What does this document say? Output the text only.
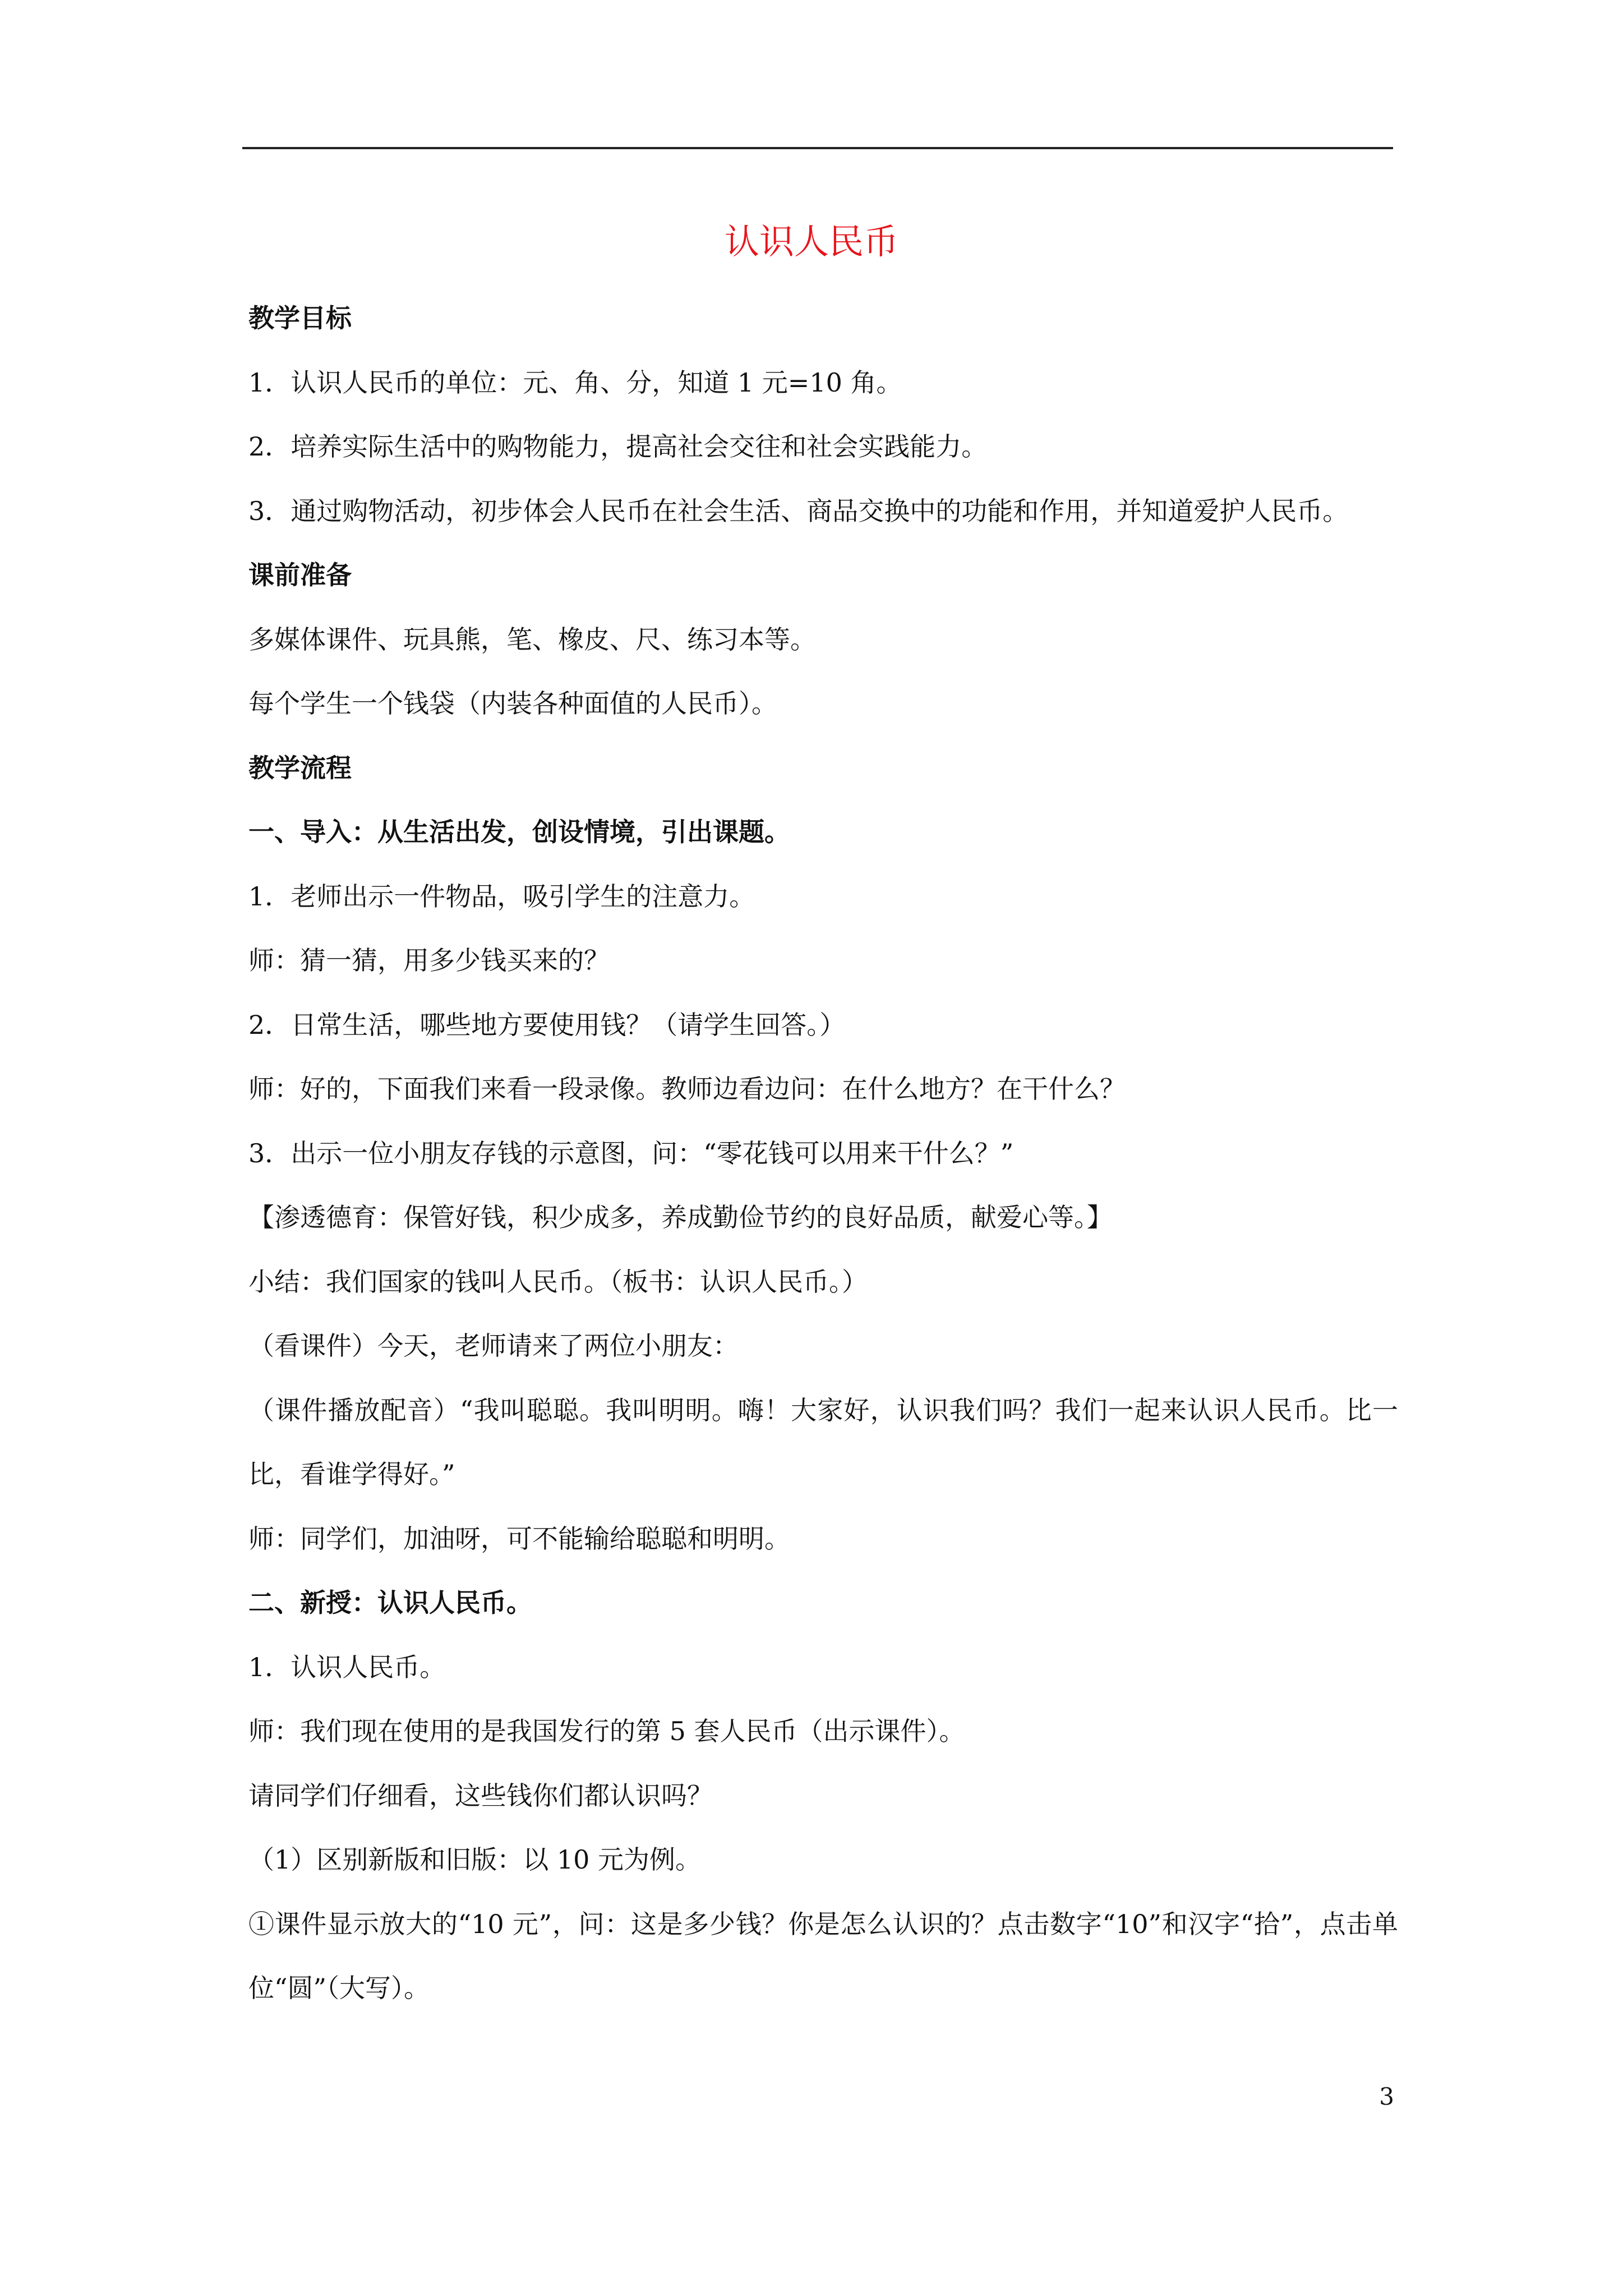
认识人民币

教学目标

1．认识人民币的单位：元、角、分，知道 1 元=10 角。

2．培养实际生活中的购物能力，提高社会交往和社会实践能力。

3．通过购物活动，初步体会人民币在社会生活、商品交换中的功能和作用，并知道爱护人民币。

课前准备

多媒体课件、玩具熊，笔、橡皮、尺、练习本等。

每个学生一个钱袋（内装各种面值的人民币）。

教学流程

一、导入：从生活出发，创设情境，引出课题。

1．老师出示一件物品，吸引学生的注意力。

师：猜一猜，用多少钱买来的？

2．日常生活，哪些地方要使用钱？（请学生回答。）

师：好的，下面我们来看一段录像。教师边看边问：在什么地方？在干什么？

3．出示一位小朋友存钱的示意图，问：“零花钱可以用来干什么？”

【渗透德育：保管好钱，积少成多，养成勤俭节约的良好品质，献爱心等。】

小结：我们国家的钱叫人民币。（板书：认识人民币。）

（看课件）今天，老师请来了两位小朋友：

（课件播放配音）“我叫聪聪。我叫明明。嗨！大家好，认识我们吗？我们一起来认识人民币。比一比，看谁学得好。”

师：同学们，加油呀，可不能输给聪聪和明明。

二、新授：认识人民币。

1．认识人民币。

师：我们现在使用的是我国发行的第 5 套人民币（出示课件）。

请同学们仔细看，这些钱你们都认识吗？

（1）区别新版和旧版：以 10 元为例。

①课件显示放大的“10 元”，问：这是多少钱？你是怎么认识的？点击数字“10”和汉字“拾”，点击单位“圆”（大写）。

3
